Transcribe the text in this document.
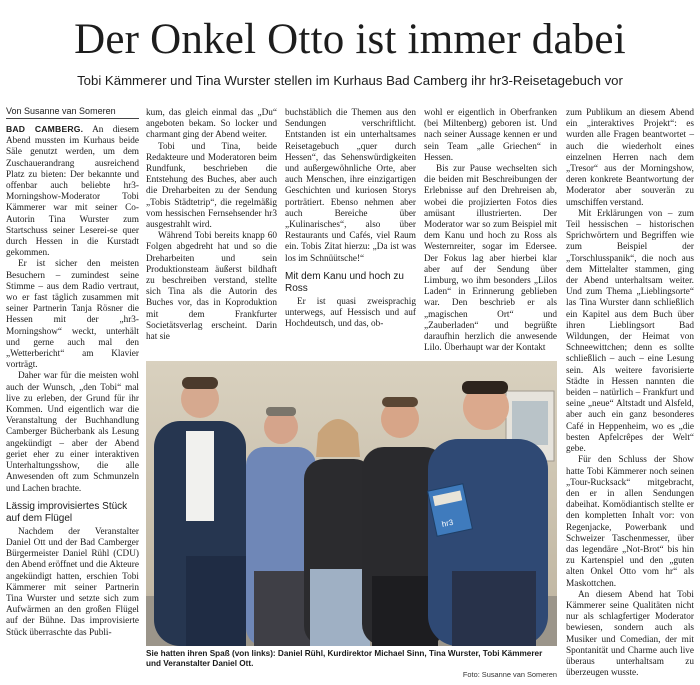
Der Onkel Otto ist immer dabei
Tobi Kämmerer und Tina Wurster stellen im Kurhaus Bad Camberg ihr hr3-Reisetagebuch vor
Von Susanne van Someren

BAD CAMBERG. An diesem Abend mussten im Kurhaus beide Säle genutzt werden, um dem Zuschauerandrang ausreichend Platz zu bieten: Der bekannte und offenbar auch beliebte hr3-Morningshow-Moderator Tobi Kämmerer war mit seiner Co-Autorin Tina Wurster zum Startschuss seiner Leserei-se quer durch Hessen in die Kurstadt gekommen.

Er ist sicher den meisten Besuchern – zumindest seine Stimme – aus dem Radio vertraut, wo er fast täglich zusammen mit seiner Partnerin Tanja Rösner die Hessen mit der „hr3-Morningshow“ weckt, unterhält und gerne auch mal den „Wetterbericht“ am Klavier vorträgt.

Daher war für die meisten wohl auch der Wunsch, „den Tobi“ mal live zu erleben, der Grund für ihr Kommen. Und eigentlich war die Veranstaltung der Buchhandlung Camberger Bücherbank als Lesung angekündigt – aber der Abend geriet eher zu einer interaktiven Unterhaltungsshow, die alle Anwesenden oft zum Schmunzeln und Lachen brachte.

Lässig improvisiertes Stück auf dem Flügel

Nachdem der Veranstalter Daniel Ott und der Bad Camberger Bürgermeister Daniel Rühl (CDU) den Abend eröffnet und die Akteure angekündigt hatten, erschien Tobi Kämmerer mit seiner Partnerin Tina Wurster und setzte sich zum Aufwärmen an den großen Flügel auf der Bühne. Das improvisierte Stück überraschte das Publi-

kum, das gleich einmal das „Du“ angeboten bekam. So locker und charmant ging der Abend weiter.

Tobi und Tina, beide Redakteure und Moderatoren beim Rundfunk, beschrieben die Entstehung des Buches, aber auch die Dreharbeiten zu der Sendung „Tobis Städtetrip“, die regelmäßig vom hessischen Fernsehsender hr3 ausgestrahlt wird.

Während Tobi bereits knapp 60 Folgen abgedreht hat und so die Dreharbeiten und sein Produktionsteam äußerst bildhaft zu beschreiben verstand, stellte sich Tina als die Autorin des Buches vor, das in Koproduktion mit dem Frankfurter Societätsverlag erscheint. Darin hat sie

buchstäblich die Themen aus den Sendungen verschriftlicht. Entstanden ist ein unterhaltsames Reisetagebuch „quer durch Hessen“, das Sehenswürdigkeiten und außergewöhnliche Orte, aber auch Menschen, ihre einzigartigen Geschichten und kuriosen Storys porträtiert. Ebenso nehmen aber auch Bereiche über „Kulinarisches“, also über Restaurants und Cafés, viel Raum ein. Tobis Zitat hierzu: „Da ist was los im Schnüütsche!“

Mit dem Kanu und hoch zu Ross

Er ist quasi zweisprachig unterwegs, auf Hessisch und auf Hochdeutsch, und das, ob-

wohl er eigentlich in Oberfranken (bei Miltenberg) geboren ist. Und nach seiner Aussage kennen er und sein Team „alle Griechen“ in Hessen.

Bis zur Pause wechselten sich die beiden mit Beschreibungen der Erlebnisse auf den Drehreisen ab, wobei die projizierten Fotos dies amüsant illustrierten. Der Moderator war so zum Beispiel mit dem Kanu und hoch zu Ross als Westernreiter, sogar im Edersee. Der Fokus lag aber hierbei klar aber auf der Sendung über Limburg, wo ihm besonders „Lilos Laden“ in Erinnerung geblieben war. Den beschrieb er als „magischen Ort“ und „Zauberladen“ und begrüßte daraufhin herzlich die anwesende Lilo. Überhaupt war der Kontakt

zum Publikum an diesem Abend ein „interaktives Projekt“: es wurden alle Fragen beantwortet – auch die wiederholt eines einzelnen Herren nach dem „Tresor“ aus der Morningshow, deren konkrete Beantwortung der Moderator aber souverän zu umschiffen verstand.

Mit Erklärungen von – zum Teil hessischen – historischen Sprichwörtern und Begriffen wie zum Beispiel der „Torschlusspanik“, die noch aus dem Mittelalter stammen, ging der Abend unterhaltsam weiter. Und zum Thema „Lieblingsorte“ las Tina Wurster dann schließlich ein Kapitel aus dem Buch über ihren Lieblingsort Bad Wildungen, der Heimat von Schneewittchen; denn es sollte schließlich – auch – eine Lesung sein. Als weitere favorisierte Städte in Hessen nannten die beiden – natürlich – Frankfurt und seine „neue“ Altstadt und Alsfeld, aber auch ein ganz besonderes Café in Heppenheim, wo es „die besten Apfelcrêpes der Welt“ gebe.

Für den Schluss der Show hatte Tobi Kämmerer noch seinen „Tour-Rucksack“ mitgebracht, den er in allen Sendungen dabeihat. Komödiantisch stellte er den kompletten Inhalt vor: von Regenjacke, Powerbank und Schweizer Taschenmesser, über das legendäre „Not-Brot“ bis hin zu Kartenspiel und den „guten alten Onkel Otto vom hr“ als Maskottchen.

An diesem Abend hat Tobi Kämmerer seine Qualitäten nicht nur als schlagfertiger Moderator bewiesen, sondern auch als Musiker und Comedian, der mit Spontanität und Charme auch live überaus unterhaltsam zu überzeugen wusste.

hr3
Sie hatten ihren Spaß (von links): Daniel Rühl, Kurdirektor Michael Sinn, Tina Wurster, Tobi Kämmerer und Veranstalter Daniel Ott.
Foto: Susanne van Someren
